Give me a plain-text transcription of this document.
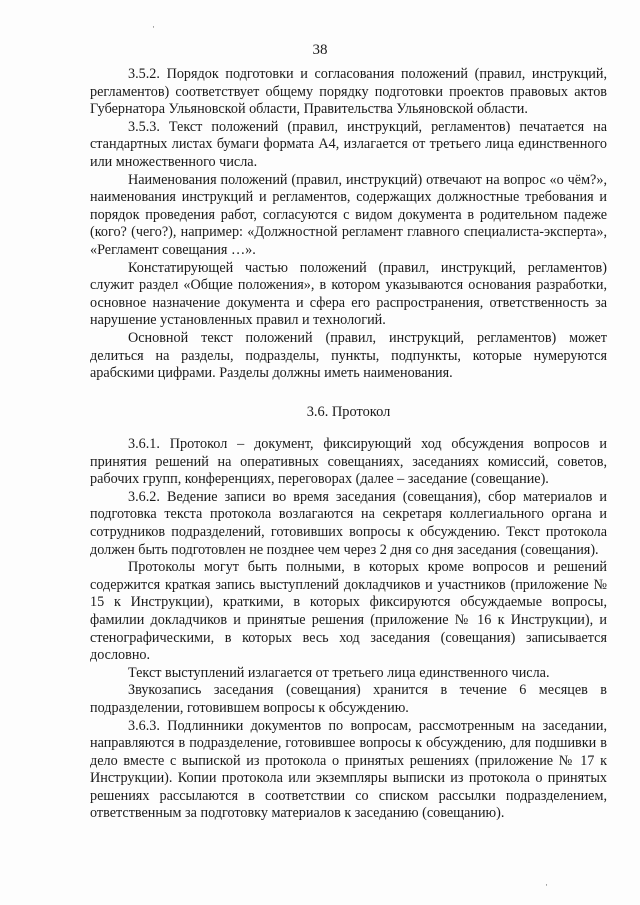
38

3.5.2. Порядок подготовки и согласования положений (правил, инструкций, регламентов) соответствует общему порядку подготовки проектов правовых актов Губернатора Ульяновской области, Правительства Ульяновской области.

3.5.3. Текст положений (правил, инструкций, регламентов) печатается на стандартных листах бумаги формата А4, излагается от третьего лица единственного или множественного числа.

Наименования положений (правил, инструкций) отвечают на вопрос «о чём?», наименования инструкций и регламентов, содержащих должностные требования и порядок проведения работ, согласуются с видом документа в родительном падеже (кого? (чего?), например: «Должностной регламент главного специалиста-эксперта», «Регламент совещания …».

Констатирующей частью положений (правил, инструкций, регламентов) служит раздел «Общие положения», в котором указываются основания разработки, основное назначение документа и сфера его распространения, ответственность за нарушение установленных правил и технологий.

Основной текст положений (правил, инструкций, регламентов) может делиться на разделы, подразделы, пункты, подпункты, которые нумеруются арабскими цифрами. Разделы должны иметь наименования.

3.6. Протокол

3.6.1. Протокол – документ, фиксирующий ход обсуждения вопросов и принятия решений на оперативных совещаниях, заседаниях комиссий, советов, рабочих групп, конференциях, переговорах (далее – заседание (совещание).

3.6.2. Ведение записи во время заседания (совещания), сбор материалов и подготовка текста протокола возлагаются на секретаря коллегиального органа и сотрудников подразделений, готовивших вопросы к обсуждению. Текст протокола должен быть подготовлен не позднее чем через 2 дня со дня заседания (совещания).

Протоколы могут быть полными, в которых кроме вопросов и решений содержится краткая запись выступлений докладчиков и участников (приложение № 15 к Инструкции), краткими, в которых фиксируются обсуждаемые вопросы, фамилии докладчиков и принятые решения (приложение № 16 к Инструкции), и стенографическими, в которых весь ход заседания (совещания) записывается дословно.

Текст выступлений излагается от третьего лица единственного числа.

Звукозапись заседания (совещания) хранится в течение 6 месяцев в подразделении, готовившем вопросы к обсуждению.

3.6.3. Подлинники документов по вопросам, рассмотренным на заседании, направляются в подразделение, готовившее вопросы к обсуждению, для подшивки в дело вместе с выпиской из протокола о принятых решениях (приложение № 17 к Инструкции). Копии протокола или экземпляры выписки из протокола о принятых решениях рассылаются в соответствии со списком рассылки подразделением, ответственным за подготовку материалов к заседанию (совещанию).

·
·
